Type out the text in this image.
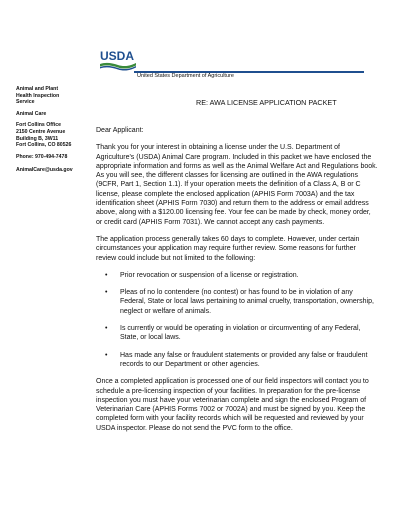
USDA
United States Department of Agriculture
Animal and Plant
Health Inspection
Service
Animal Care
Fort Collins Office
2150 Centre Avenue
Building B, 3W11
Fort Collins, CO 80526
Phone: 970-494-7478
AnimalCare@usda.gov
RE: AWA LICENSE APPLICATION PACKET

Dear Applicant:

Thank you for your interest in obtaining a license under the U.S. Department of Agriculture's (USDA) Animal Care program. Included in this packet we have enclosed the appropriate information and forms as well as the Animal Welfare Act and Regulations book. As you will see, the different classes for licensing are outlined in the AWA regulations (9CFR, Part 1, Section 1.1). If your operation meets the definition of a Class A, B or C license, please complete the enclosed application (APHIS Form 7003A) and the tax identification sheet (APHIS Form 7030) and return them to the address or email address above, along with a $120.00 licensing fee. Your fee can be made by check, money order, or credit card (APHIS Form 7031). We cannot accept any cash payments.

The application process generally takes 60 days to complete. However, under certain circumstances your application may require further review. Some reasons for further review could include but not limited to the following:

• Prior revocation or suspension of a license or registration.
• Pleas of no lo contendere (no contest) or has found to be in violation of any Federal, State or local laws pertaining to animal cruelty, transportation, ownership, neglect or welfare of animals.
• Is currently or would be operating in violation or circumventing of any Federal, State, or local laws.
• Has made any false or fraudulent statements or provided any false or fraudulent records to our Department or other agencies.

Once a completed application is processed one of our field inspectors will contact you to schedule a pre-licensing inspection of your facilities. In preparation for the pre-license inspection you must have your veterinarian complete and sign the enclosed Program of Veterinarian Care (APHIS Forms 7002 or 7002A) and must be signed by you. Keep the completed form with your facility records which will be requested and reviewed by your USDA inspector. Please do not send the PVC form to the office.
